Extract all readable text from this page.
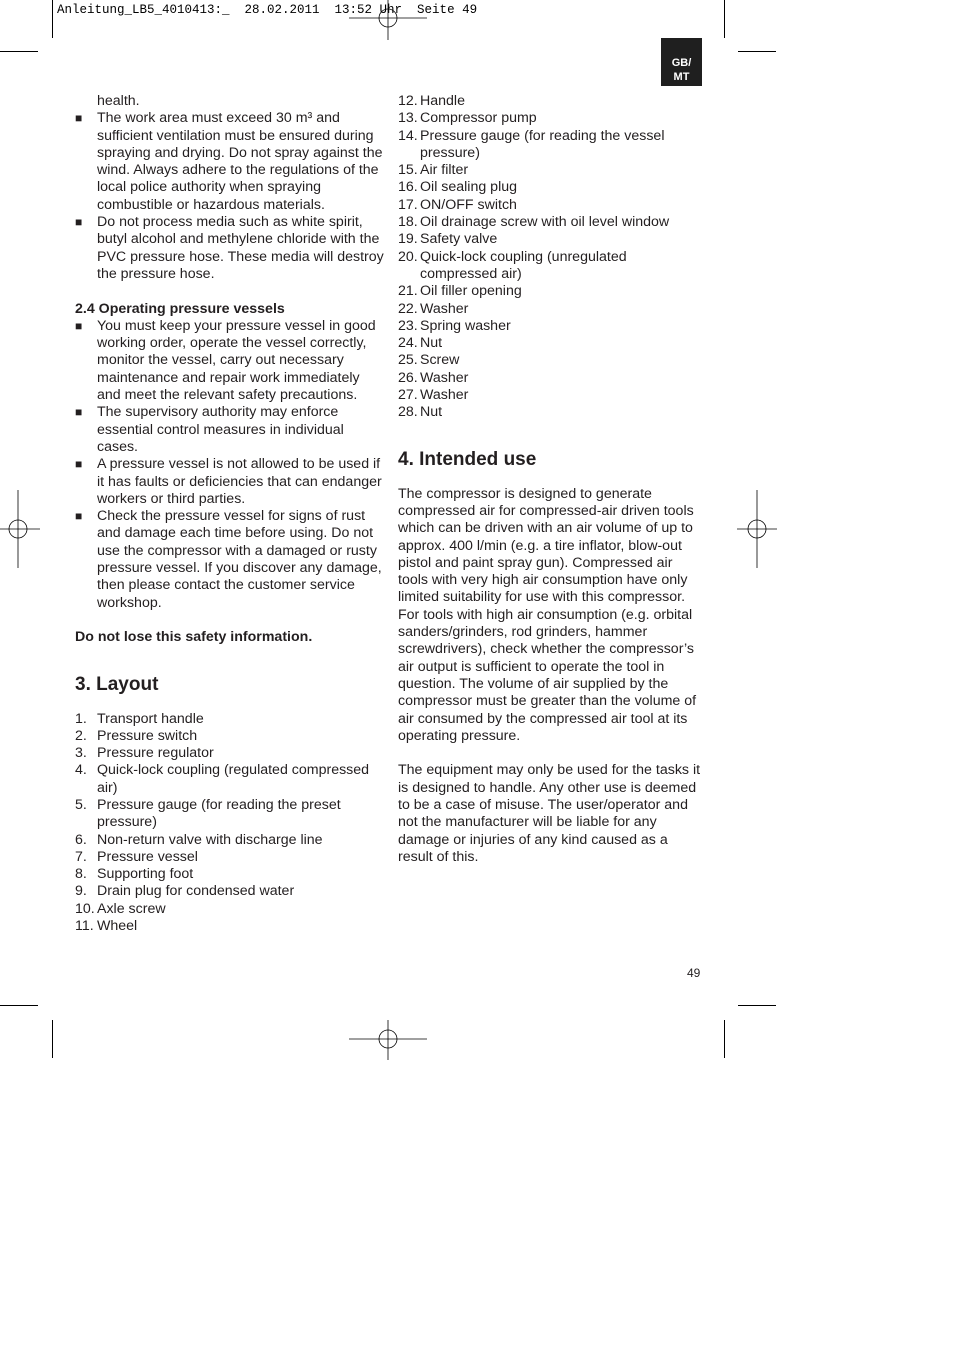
Anleitung_LB5_4010413:_  28.02.2011  13:52 Uhr  Seite 49
GB/
MT
health.
■	The work area must exceed 30 m³ and sufficient ventilation must be ensured during spraying and drying. Do not spray against the wind. Always adhere to the regulations of the local police authority when spraying combustible or hazardous materials.
■	Do not process media such as white spirit, butyl alcohol and methylene chloride with the PVC pressure hose. These media will destroy the pressure hose.
2.4 Operating pressure vessels
■	You must keep your pressure vessel in good working order, operate the vessel correctly, monitor the vessel, carry out necessary maintenance and repair work immediately and meet the relevant safety precautions.
■	The supervisory authority may enforce essential control measures in individual cases.
■	A pressure vessel is not allowed to be used if it has faults or deficiencies that can endanger workers or third parties.
■	Check the pressure vessel for signs of rust and damage each time before using. Do not use the compressor with a damaged or rusty pressure vessel. If you discover any damage, then please contact the customer service workshop.
Do not lose this safety information.
3. Layout
1. Transport handle
2. Pressure switch
3. Pressure regulator
4. Quick-lock coupling (regulated compressed air)
5. Pressure gauge (for reading the preset pressure)
6. Non-return valve with discharge line
7. Pressure vessel
8. Supporting foot
9. Drain plug for condensed water
10. Axle screw
11. Wheel
12. Handle
13. Compressor pump
14. Pressure gauge (for reading the vessel pressure)
15. Air filter
16. Oil sealing plug
17. ON/OFF switch
18. Oil drainage screw with oil level window
19. Safety valve
20. Quick-lock coupling (unregulated compressed air)
21. Oil filler opening
22. Washer
23. Spring washer
24. Nut
25. Screw
26. Washer
27. Washer
28. Nut
4. Intended use
The compressor is designed to generate compressed air for compressed-air driven tools which can be driven with an air volume of up to approx. 400 l/min (e.g. a tire inflator, blow-out pistol and paint spray gun). Compressed air tools with very high air consumption have only limited suitability for use with this compressor. For tools with high air consumption (e.g. orbital sanders/grinders, rod grinders, hammer screwdrivers), check whether the compressor’s air output is sufficient to operate the tool in question. The volume of air supplied by the compressor must be greater than the volume of air consumed by the compressed air tool at its operating pressure.
The equipment may only be used for the tasks it is designed to handle. Any other use is deemed to be a case of misuse. The user/operator and not the manufacturer will be liable for any damage or injuries of any kind caused as a result of this.
49
